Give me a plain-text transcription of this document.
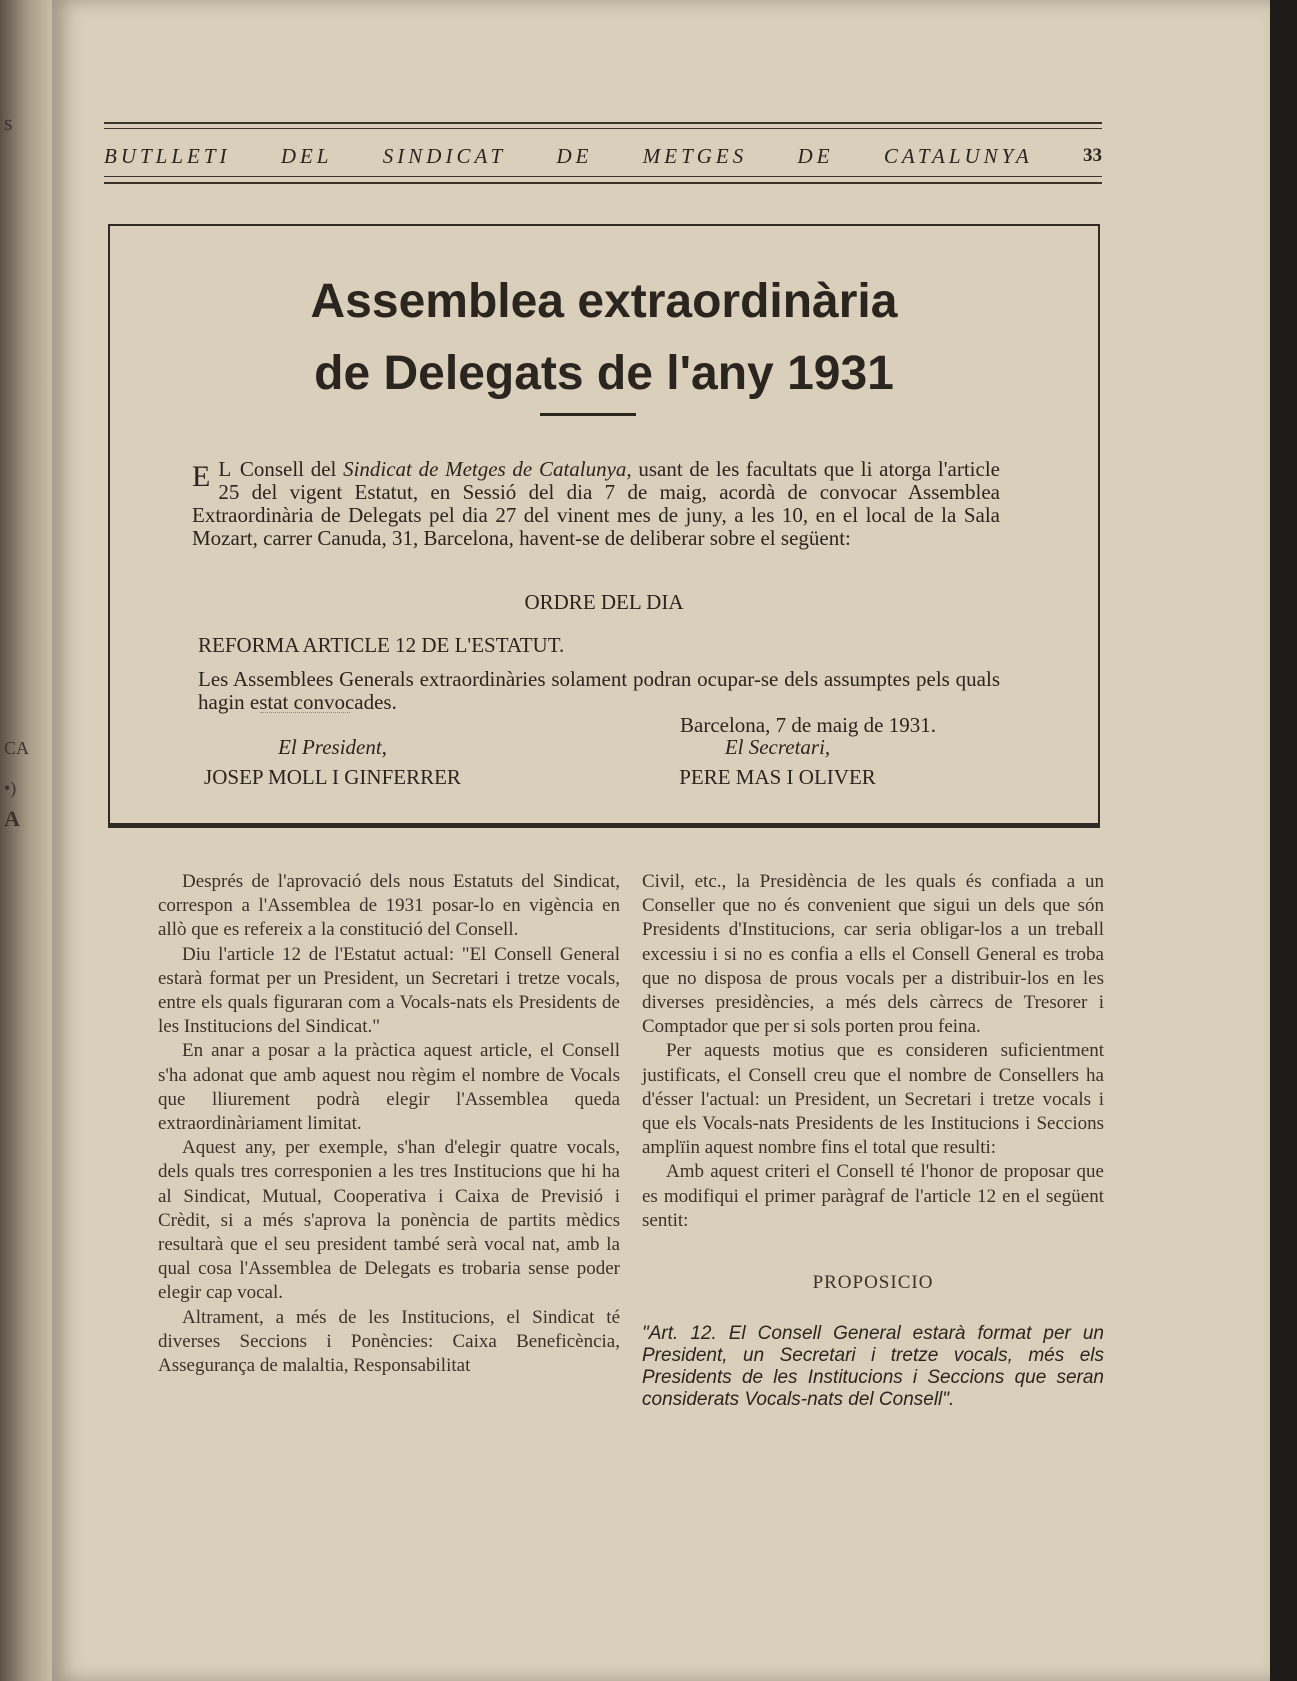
s
CA
•)
A
BUTLLETI DEL SINDICAT DE METGES DE CATALUNYA	33
Assemblea extraordinària
de Delegats de l'any 1931
E L Consell del Sindicat de Metges de Catalunya, usant de les facultats que li atorga l'article 25 del vigent Estatut, en Sessió del dia 7 de maig, acordà de convocar Assemblea Extraordinària de Delegats pel dia 27 del vinent mes de juny, a les 10, en el local de la Sala Mozart, carrer Canuda, 31, Barcelona, havent-se de deliberar sobre el següent:
ORDRE DEL DIA
REFORMA ARTICLE 12 DE L'ESTATUT.
Les Assemblees Generals extraordinàries solament podran ocupar-se dels assumptes pels quals hagin estat convocades.
Barcelona, 7 de maig de 1931.
El President,	El Secretari,
JOSEP MOLL I GINFERRER	PERE MAS I OLIVER

Després de l'aprovació dels nous Estatuts del Sindicat, correspon a l'Assemblea de 1931 posar-lo en vigència en allò que es refereix a la constitució del Consell.

Diu l'article 12 de l'Estatut actual: "El Consell General estarà format per un President, un Secretari i tretze vocals, entre els quals figuraran com a Vocals-nats els Presidents de les Institucions del Sindicat."

En anar a posar a la pràctica aquest article, el Consell s'ha adonat que amb aquest nou règim el nombre de Vocals que lliurement podrà elegir l'Assemblea queda extraordinàriament limitat.

Aquest any, per exemple, s'han d'elegir quatre vocals, dels quals tres corresponien a les tres Institucions que hi ha al Sindicat, Mutual, Cooperativa i Caixa de Previsió i Crèdit, si a més s'aprova la ponència de partits mèdics resultarà que el seu president també serà vocal nat, amb la qual cosa l'Assemblea de Delegats es trobaria sense poder elegir cap vocal.

Altrament, a més de les Institucions, el Sindicat té diverses Seccions i Ponències: Caixa Beneficència, Assegurança de malaltia, Responsabilitat

Civil, etc., la Presidència de les quals és confiada a un Conseller que no és convenient que sigui un dels que són Presidents d'Institucions, car seria obligar-los a un treball excessiu i si no es confia a ells el Consell General es troba que no disposa de prous vocals per a distribuir-los en les diverses presidències, a més dels càrrecs de Tresorer i Comptador que per si sols porten prou feina.

Per aquests motius que es consideren suficientment justificats, el Consell creu que el nombre de Consellers ha d'ésser l'actual: un President, un Secretari i tretze vocals i que els Vocals-nats Presidents de les Institucions i Seccions amplïin aquest nombre fins el total que resulti:

Amb aquest criteri el Consell té l'honor de proposar que es modifiqui el primer paràgraf de l'article 12 en el següent sentit:

PROPOSICIO

"Art. 12. El Consell General estarà format per un President, un Secretari i tretze vocals, més els Presidents de les Institucions i Seccions que seran considerats Vocals-nats del Consell".
